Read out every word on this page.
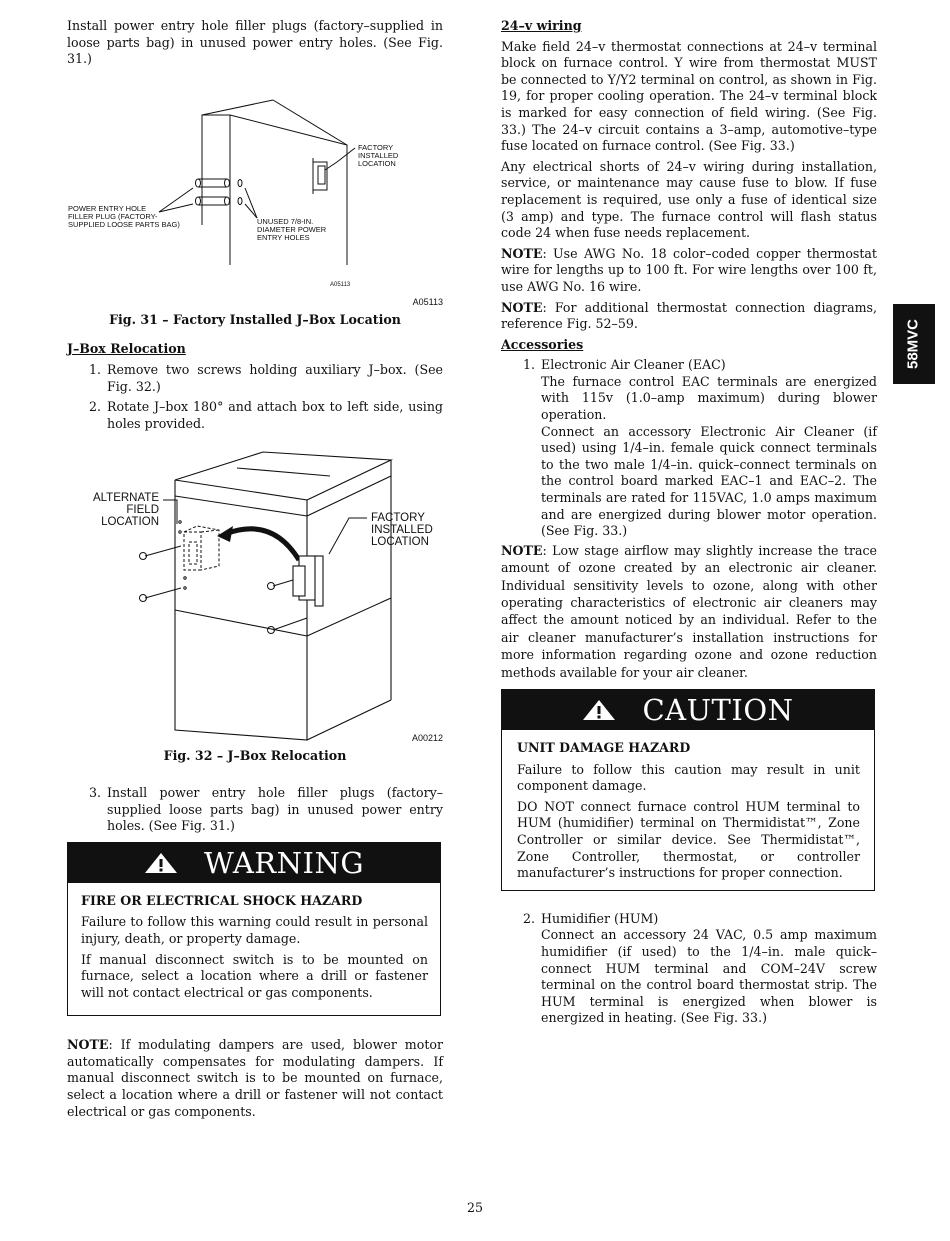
Install power entry hole filler plugs (factory–supplied in loose parts bag) in unused power entry holes. (See Fig. 31.)

FACTORY
INSTALLED
LOCATION
POWER ENTRY HOLE
FILLER PLUG (FACTORY-
SUPPLIED LOOSE PARTS BAG)	UNUSED 7/8-IN.
DIAMETER POWER
ENTRY HOLES
A05113
A05113
Fig. 31 – Factory Installed J–Box Location
J–Box Relocation
1. Remove two screws holding auxiliary J–box. (See Fig. 32.)
2. Rotate J–box 180° and attach box to left side, using holes provided.
ALTERNATE
FIELD
LOCATION	FACTORY
INSTALLED
LOCATION
A00212
Fig. 32 – J–Box Relocation
3. Install power entry hole filler plugs (factory–supplied loose parts bag) in unused power entry holes. (See Fig. 31.)
WARNING
FIRE OR ELECTRICAL SHOCK HAZARD

Failure to follow this warning could result in personal injury, death, or property damage.

If manual disconnect switch is to be mounted on furnace, select a location where a drill or fastener will not contact electrical or gas components.

NOTE: If modulating dampers are used, blower motor automatically compensates for modulating dampers. If manual disconnect switch is to be mounted on furnace, select a location where a drill or fastener will not contact electrical or gas components.

24–v wiring

Make field 24–v thermostat connections at 24–v terminal block on furnace control. Y wire from thermostat MUST be connected to Y/Y2 terminal on control, as shown in Fig. 19, for proper cooling operation. The 24–v terminal block is marked for easy connection of field wiring. (See Fig. 33.) The 24–v circuit contains a 3–amp, automotive–type fuse located on furnace control. (See Fig. 33.)

Any electrical shorts of 24–v wiring during installation, service, or maintenance may cause fuse to blow. If fuse replacement is required, use only a fuse of identical size (3 amp) and type. The furnace control will flash status code 24 when fuse needs replacement.

NOTE: Use AWG No. 18 color–coded copper thermostat wire for lengths up to 100 ft. For wire lengths over 100 ft, use AWG No. 16 wire.

NOTE: For additional thermostat connection diagrams, reference Fig. 52–59.

Accessories
1. Electronic Air Cleaner (EAC)

The furnace control EAC terminals are energized with 115v (1.0–amp maximum) during blower operation.

Connect an accessory Electronic Air Cleaner (if used) using 1/4–in. female quick connect terminals to the two male 1/4–in. quick–connect terminals on the control board marked EAC–1 and EAC–2. The terminals are rated for 115VAC, 1.0 amps maximum and are energized during blower motor operation. (See Fig. 33.)

NOTE: Low stage airflow may slightly increase the trace amount of ozone created by an electronic air cleaner. Individual sensitivity levels to ozone, along with other operating characteristics of electronic air cleaners may affect the amount noticed by an individual. Refer to the air cleaner manufacturer’s installation instructions for more information regarding ozone and ozone reduction methods available for your air cleaner.

CAUTION
UNIT DAMAGE HAZARD

Failure to follow this caution may result in unit component damage.

DO NOT connect furnace control HUM terminal to HUM (humidifier) terminal on Thermidistat™, Zone Controller or similar device. See Thermidistat™, Zone Controller, thermostat, or controller manufacturer’s instructions for proper connection.

2. Humidifier (HUM)

Connect an accessory 24 VAC, 0.5 amp maximum humidifier (if used) to the 1/4–in. male quick–connect HUM terminal and COM–24V screw terminal on the control board thermostat strip. The HUM terminal is energized when blower is energized in heating. (See Fig. 33.)

58MVC
25
